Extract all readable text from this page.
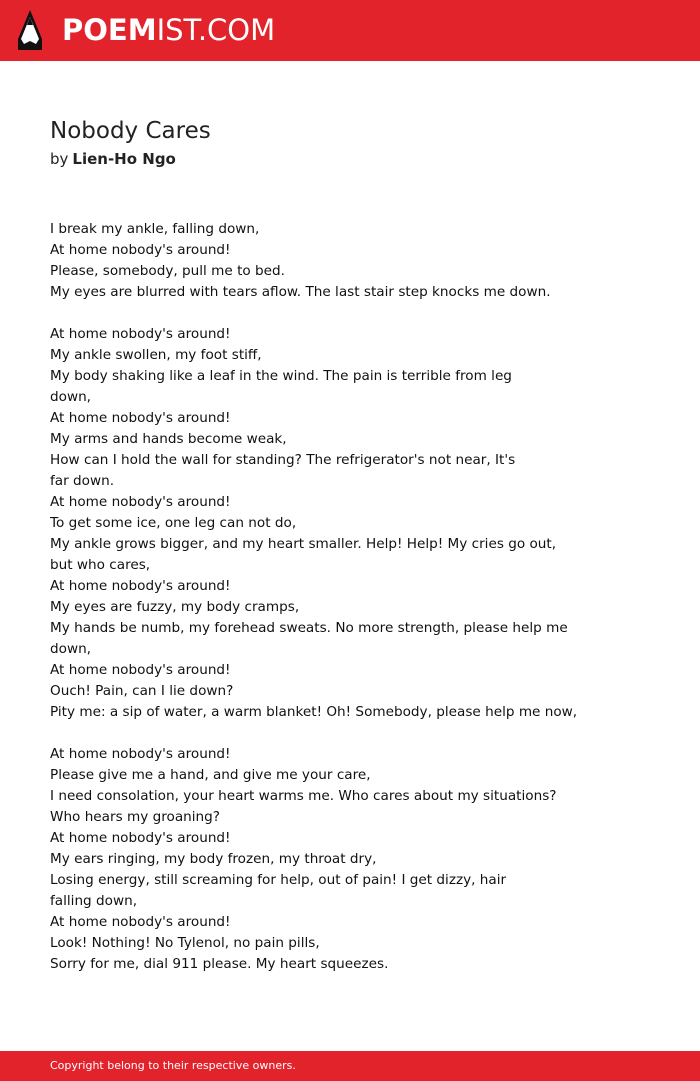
POEMIST.COM
Nobody Cares
by Lien-Ho Ngo
I break my ankle, falling down,
At home nobody's around!
Please, somebody, pull me to bed.
My eyes are blurred with tears aflow. The last stair step knocks me down.
At home nobody's around!
My ankle swollen, my foot stiff,
My body shaking like a leaf in the wind. The pain is terrible from leg
down,
At home nobody's around!
My arms and hands become weak,
How can I hold the wall for standing? The refrigerator's not near, It's
far down.
At home nobody's around!
To get some ice, one leg can not do,
My ankle grows bigger, and my heart smaller. Help! Help! My cries go out,
but who cares,
At home nobody's around!
My eyes are fuzzy, my body cramps,
My hands be numb, my forehead sweats. No more strength, please help me
down,
At home nobody's around!
Ouch! Pain, can I lie down?
Pity me: a sip of water, a warm blanket! Oh! Somebody, please help me now,
At home nobody's around!
Please give me a hand, and give me your care,
I need consolation, your heart warms me. Who cares about my situations?
Who hears my groaning?
At home nobody's around!
My ears ringing, my body frozen, my throat dry,
Losing energy, still screaming for help, out of pain! I get dizzy, hair
falling down,
At home nobody's around!
Look! Nothing! No Tylenol, no pain pills,
Sorry for me, dial 911 please. My heart squeezes.
Copyright belong to their respective owners.
